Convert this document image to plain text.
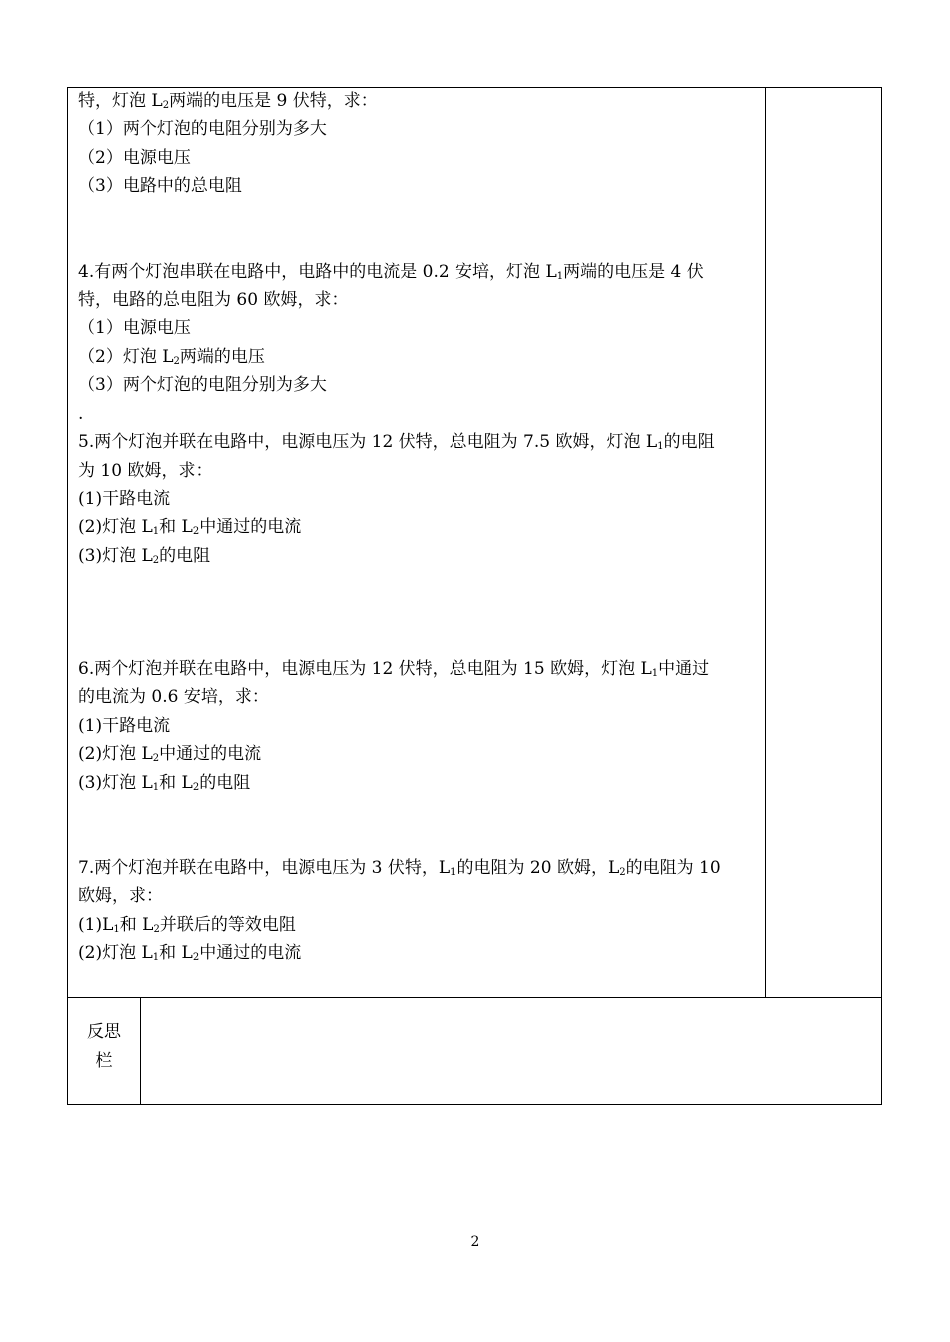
特，灯泡 $L_2$两端的电压是 9 伏特，求：
（1）两个灯泡的电阻分别为多大
（2）电源电压
（3）电路中的总电阻
4.有两个灯泡串联在电路中，电路中的电流是 0.2 安培，灯泡 $L_1$两端的电压是 4 伏
特，电路的总电阻为 60 欧姆，求：
（1）电源电压
（2）灯泡 $L_2$两端的电压
（3）两个灯泡的电阻分别为多大
.
5.两个灯泡并联在电路中，电源电压为 12 伏特，总电阻为 7.5 欧姆，灯泡 $L_1$的电阻
为 10 欧姆，求：
(1)干路电流
(2)灯泡 $L_1$和 $L_2$中通过的电流
(3)灯泡 $L_2$的电阻
6.两个灯泡并联在电路中，电源电压为 12 伏特，总电阻为 15 欧姆，灯泡 $L_1$中通过
的电流为 0.6 安培，求：
(1)干路电流
(2)灯泡 $L_2$中通过的电流
(3)灯泡 $L_1$和 $L_2$的电阻
7.两个灯泡并联在电路中，电源电压为 3 伏特，$L_1$的电阻为 20 欧姆，$L_2$的电阻为 10
欧姆，求：
$(1)L_1$和 $L_2$并联后的等效电阻
(2)灯泡 $L_1$和 $L_2$中通过的电流
反思
栏
2
